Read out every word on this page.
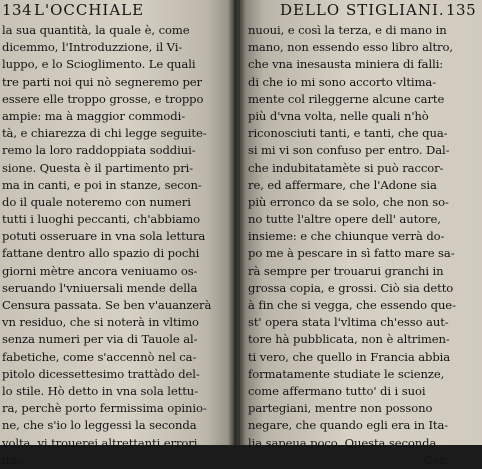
134 L'OCCHIALE
la sua quantità, la quale è, come
dicemmo, l'Introduzzione, il Vi-
luppo, e lo Scioglimento. Le quali
tre parti noi qui nò segneremo per
essere elle troppo grosse, e troppo
ampie: ma à maggior commodi-
tà, e chiarezza di chi legge seguite-
remo la loro raddoppiata soddiui-
sione. Questa è il partimento pri-
ma in canti, e poi in stanze, secon-
do il quale noteremo con numeri
tutti i luoghi peccanti, ch'abbiamo
potuti osseruare in vna sola lettura
fattane dentro allo spazio di pochi
giorni mètre ancora veniuamo os-
seruando l'vniuersali mende della
Censura passata. Se ben v'auanzerà
vn residuo, che si noterà in vltimo
senza numeri per via di Tauole al-
fabetiche, come s'accennò nel ca-
pitolo dicessettesimo trattàdo del-
lo stile. Hò detto in vna sola lettu-
ra, perchè porto fermissima opinio-
ne, che s'io lo leggessi la seconda
volta, vi trouerei altrettanti errori
nuo-
DELLO STIGLIANI. 135
nuoui, e così la terza, e di mano in
mano, non essendo esso libro altro,
che vna inesausta miniera di falli:
di che io mi sono accorto vltima-
mente col rileggerne alcune carte
più d'vna volta, nelle quali n'hò
riconosciuti tanti, e tanti, che qua-
si mi vi son confuso per entro. Dal-
che indubitatamète si può raccor-
re, ed affermare, che l'Adone sia
più erronco da se solo, che non so-
no tutte l'altre opere dell' autore,
insieme: e che chiunque verrà do-
po me à pescare in sì fatto mare sa-
rà sempre per trouarui granchi in
grossa copia, e grossi. Ciò sia detto
à fin che si vegga, che essendo que-
st' opera stata l'vltima ch'esso aut-
tore hà pubblicata, non è altrimen-
ti vero, che quello in Francia abbia
formatamente studiate le scienze,
come affermano tutto' di i suoi
partegiani, mentre non possono
negare, che quando egli era in Ita-
lia sapeua poco. Questa seconda
Cen-
